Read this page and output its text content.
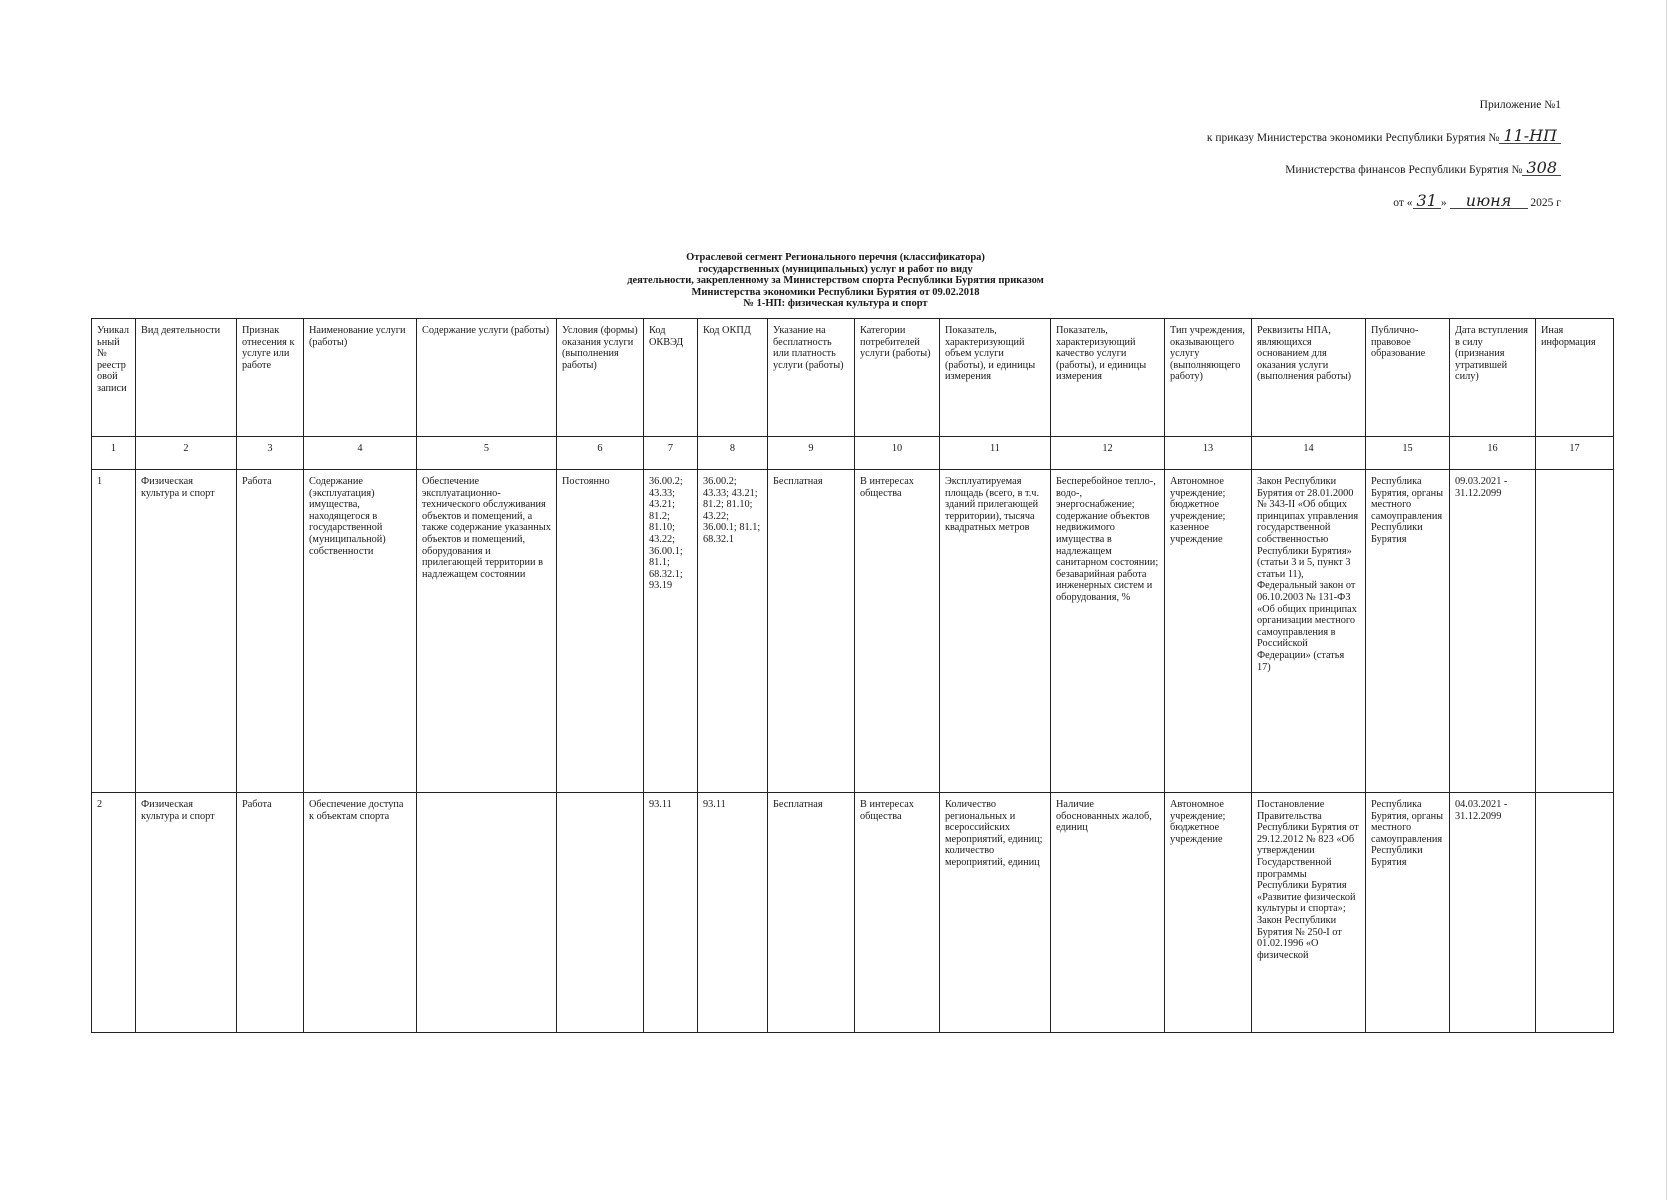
Приложение №1
к приказу Министерства экономики Республики Бурятия № 11-НП
Министерства финансов Республики Бурятия № 308
от « 31 » июня 2025 г
Отраслевой сегмент Регионального перечня (классификатора)
государственных (муниципальных) услуг и работ по виду
деятельности, закрепленному за Министерством спорта Республики Бурятия приказом
Министерства экономики Республики Бурятия от 09.02.2018
№ 1-НП: физическая культура и спорт
Уникальный № реестровой записи	Вид деятельности	Признак отнесения к услуге или работе	Наименование услуги (работы)	Содержание услуги (работы)	Условия (формы) оказания услуги (выполнения работы)	Код ОКВЭД	Код ОКПД	Указание на бесплатность или платность услуги (работы)	Категории потребителей услуги (работы)	Показатель, характеризующий объем услуги (работы), и единицы измерения	Показатель, характеризующий качество услуги (работы), и единицы измерения	Тип учреждения, оказывающего услугу (выполняющего работу)	Реквизиты НПА, являющихся основанием для оказания услуги (выполнения работы)	Публично-правовое образование	Дата вступления в силу (признания утратившей силу)	Иная информация
1	2	3	4	5	6	7	8	9	10	11	12	13	14	15	16	17
1	Физическая культура и спорт	Работа	Содержание (эксплуатация) имущества, находящегося в государственной (муниципальной) собственности	Обеспечение эксплуатационно-технического обслуживания объектов и помещений, а также содержание указанных объектов и помещений, оборудования и прилегающей территории в надлежащем состоянии	Постоянно	36.00.2; 43.33; 43.21; 81.2; 81.10; 43.22; 36.00.1; 81.1; 68.32.1; 93.19	36.00.2; 43.33; 43.21; 81.2; 81.10; 43.22; 36.00.1; 81.1; 68.32.1	Бесплатная	В интересах общества	Эксплуатируемая площадь (всего, в т.ч. зданий прилегающей территории), тысяча квадратных метров	Бесперебойное тепло-, водо-, энергоснабжение; содержание объектов недвижимого имущества в надлежащем санитарном состоянии; безаварийная работа инженерных систем и оборудования, %	Автономное учреждение; бюджетное учреждение; казенное учреждение	Закон Республики Бурятия от 28.01.2000 № 343-II «Об общих принципах управления государственной собственностью Республики Бурятия» (статьи 3 и 5, пункт 3 статьи 11), Федеральный закон от 06.10.2003 № 131-ФЗ «Об общих принципах организации местного самоуправления в Российской Федерации» (статья 17)	Республика Бурятия, органы местного самоуправления Республики Бурятия	09.03.2021 - 31.12.2099	
2	Физическая культура и спорт	Работа	Обеспечение доступа к объектам спорта			93.11	93.11	Бесплатная	В интересах общества	Количество региональных и всероссийских мероприятий, единиц; количество мероприятий, единиц	Наличие обоснованных жалоб, единиц	Автономное учреждение; бюджетное учреждение	Постановление Правительства Республики Бурятия от 29.12.2012 № 823 «Об утверждении Государственной программы Республики Бурятия «Развитие физической культуры и спорта»; Закон Республики Бурятия № 250-I от 01.02.1996 «О физической	Республика Бурятия, органы местного самоуправления Республики Бурятия	04.03.2021 - 31.12.2099	
